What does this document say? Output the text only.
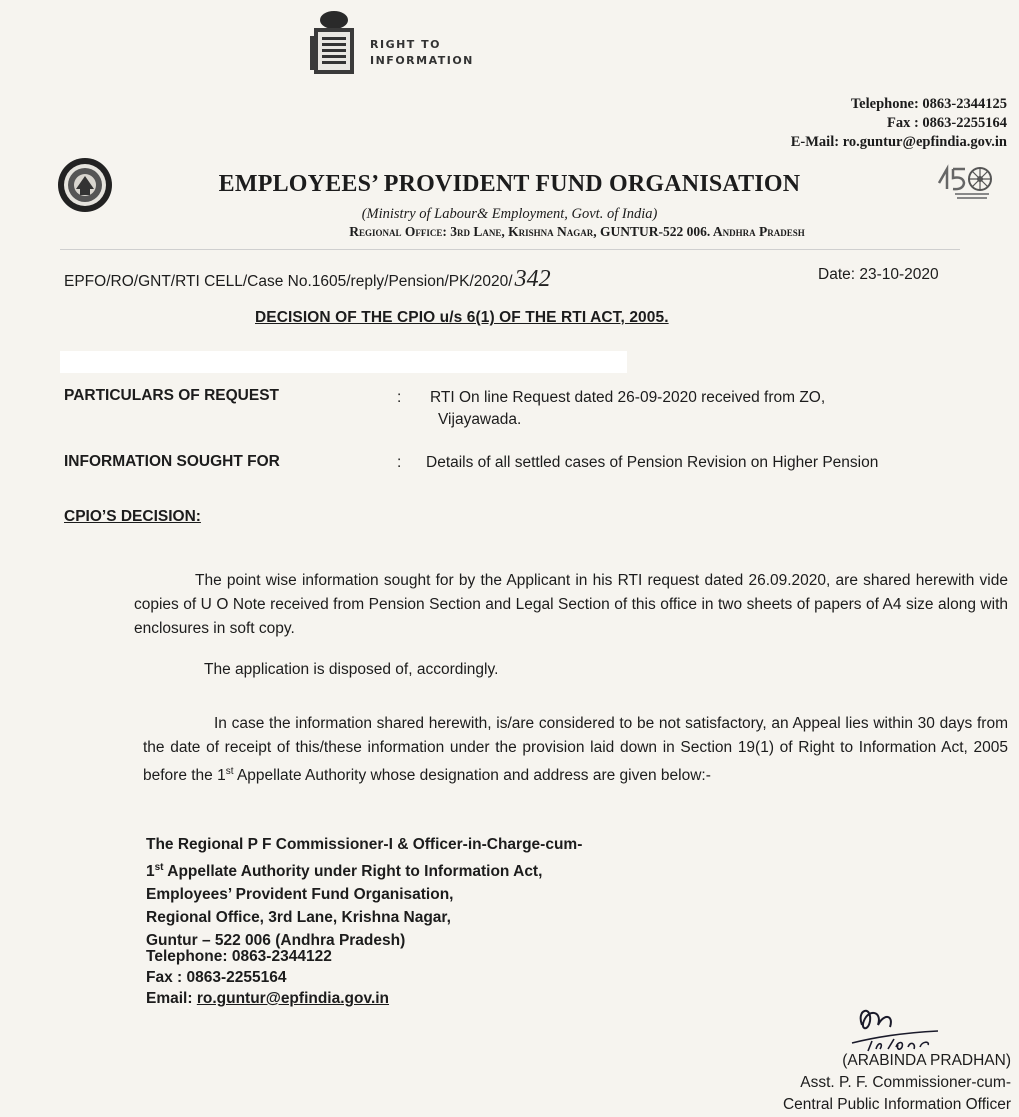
RIGHT TO
INFORMATION
Telephone: 0863-2344125
Fax : 0863-2255164
E-Mail: ro.guntur@epfindia.gov.in
EMPLOYEES’ PROVIDENT FUND ORGANISATION
(Ministry of Labour& Employment, Govt. of India)
Regional Office: 3rd Lane, Krishna Nagar, GUNTUR-522 006. Andhra Pradesh
EPFO/RO/GNT/RTI CELL/Case No.1605/reply/Pension/PK/2020/342	Date: 23-10-2020
DECISION OF THE CPIO u/s 6(1) OF THE RTI ACT, 2005.
PARTICULARS OF REQUEST	: RTI On line Request dated 26-09-2020 received from ZO,
Vijayawada.
INFORMATION SOUGHT FOR	: Details of all settled cases of Pension Revision on Higher Pension
CPIO’S DECISION:
The point wise information sought for by the Applicant in his RTI request dated 26.09.2020, are shared herewith vide copies of U O Note received from Pension Section and Legal Section of this office in two sheets of papers of A4 size along with enclosures in soft copy.
The application is disposed of, accordingly.
In case the information shared herewith, is/are considered to be not satisfactory, an Appeal lies within 30 days from the date of receipt of this/these information under the provision laid down in Section 19(1) of Right to Information Act, 2005 before the 1st Appellate Authority whose designation and address are given below:-
The Regional P F Commissioner-I & Officer-in-Charge-cum-
1st Appellate Authority under Right to Information Act,
Employees’ Provident Fund Organisation,
Regional Office, 3rd Lane, Krishna Nagar,
Guntur – 522 006 (Andhra Pradesh)
Telephone: 0863-2344122
Fax : 0863-2255164
Email: ro.guntur@epfindia.gov.in
(ARABINDA PRADHAN)
Asst. P. F. Commissioner-cum-
Central Public Information Officer
